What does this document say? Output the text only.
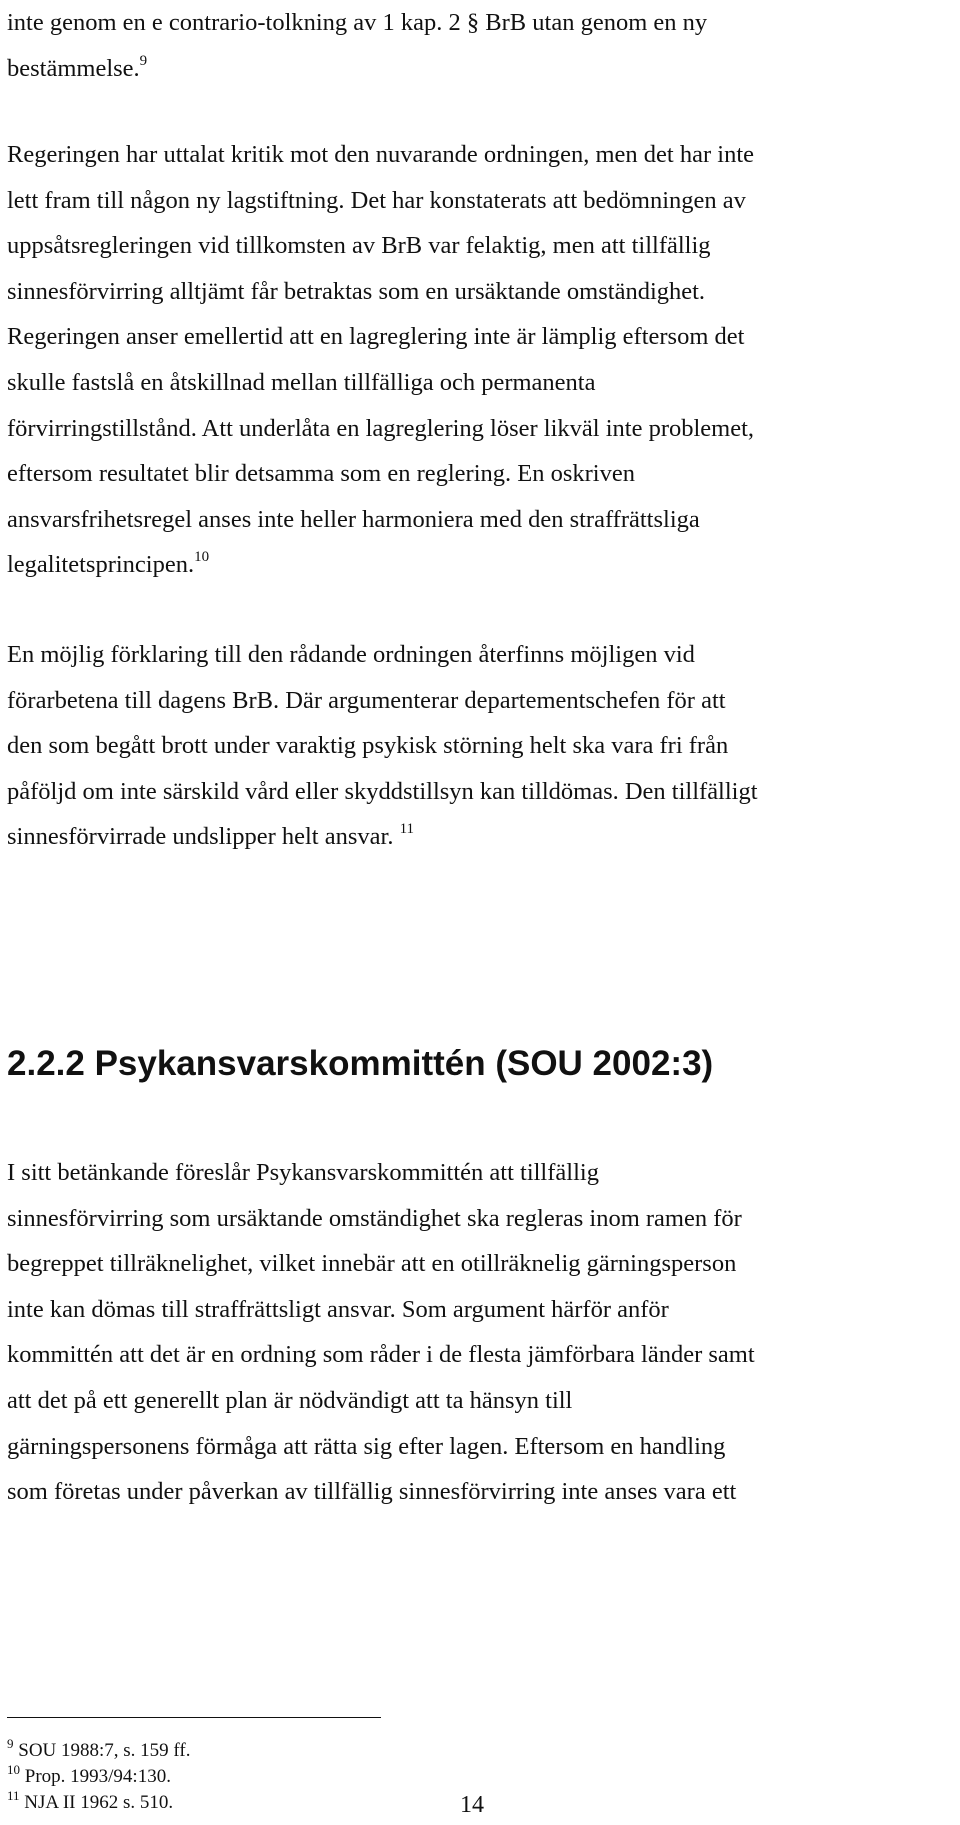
inte genom en e contrario-tolkning av 1 kap. 2 § BrB utan genom en ny
bestämmelse.$^9$
Regeringen har uttalat kritik mot den nuvarande ordningen, men det har inte
lett fram till någon ny lagstiftning. Det har konstaterats att bedömningen av
uppsåtsregleringen vid tillkomsten av BrB var felaktig, men att tillfällig
sinnesförvirring alltjämt får betraktas som en ursäktande omständighet.
Regeringen anser emellertid att en lagreglering inte är lämplig eftersom det
skulle fastslå en åtskillnad mellan tillfälliga och permanenta
förvirringstillstånd. Att underlåta en lagreglering löser likväl inte problemet,
eftersom resultatet blir detsamma som en reglering. En oskriven
ansvarsfrihetsregel anses inte heller harmoniera med den straffrättsliga
legalitetsprincipen.$^{10}$
En möjlig förklaring till den rådande ordningen återfinns möjligen vid
förarbetena till dagens BrB. Där argumenterar departementschefen för att
den som begått brott under varaktig psykisk störning helt ska vara fri från
påföljd om inte särskild vård eller skyddstillsyn kan tilldömas. Den tillfälligt
sinnesförvirrade undslipper helt ansvar. $^{11}$
2.2.2 Psykansvarskommittén (SOU 2002:3)
I sitt betänkande föreslår Psykansvarskommittén att tillfällig
sinnesförvirring som ursäktande omständighet ska regleras inom ramen för
begreppet tillräknelighet, vilket innebär att en otillräknelig gärningsperson
inte kan dömas till straffrättsligt ansvar. Som argument härför anför
kommittén att det är en ordning som råder i de flesta jämförbara länder samt
att det på ett generellt plan är nödvändigt att ta hänsyn till
gärningspersonens förmåga att rätta sig efter lagen. Eftersom en handling
som företas under påverkan av tillfällig sinnesförvirring inte anses vara ett
$^9$ SOU 1988:7, s. 159 ff.
$^{10}$ Prop. 1993/94:130.
$^{11}$ NJA II 1962 s. 510.	14
